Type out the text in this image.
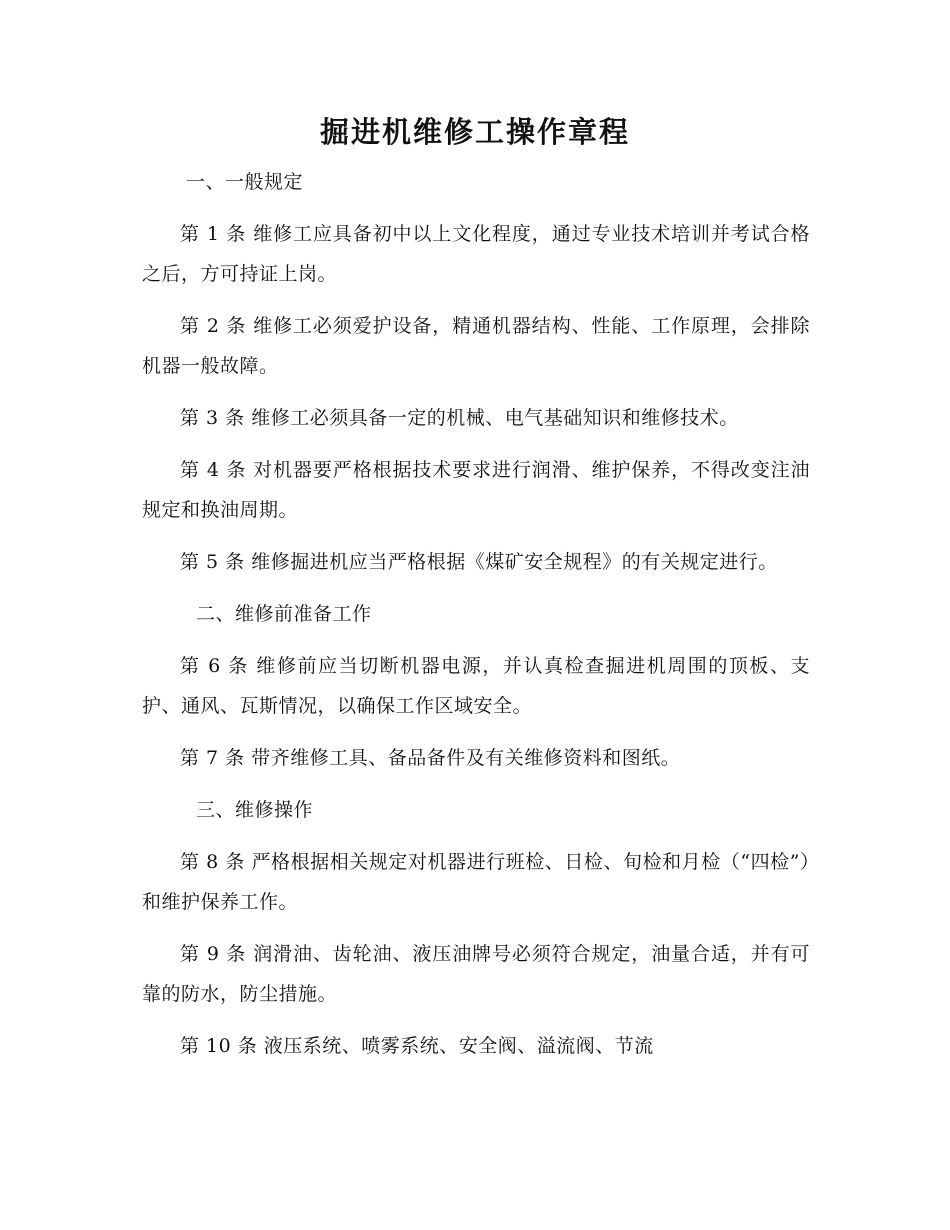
掘进机维修工操作章程

一、一般规定

第 1 条 维修工应具备初中以上文化程度，通过专业技术培训并考试合格之后，方可持证上岗。

第 2 条 维修工必须爱护设备，精通机器结构、性能、工作原理，会排除机器一般故障。

第 3 条 维修工必须具备一定的机械、电气基础知识和维修技术。

第 4 条 对机器要严格根据技术要求进行润滑、维护保养，不得改变注油规定和换油周期。

第 5 条 维修掘进机应当严格根据《煤矿安全规程》的有关规定进行。

二、维修前准备工作

第 6 条 维修前应当切断机器电源，并认真检查掘进机周围的顶板、支护、通风、瓦斯情况，以确保工作区域安全。

第 7 条 带齐维修工具、备品备件及有关维修资料和图纸。

三、维修操作

第 8 条 严格根据相关规定对机器进行班检、日检、旬检和月检（“四检”）和维护保养工作。

第 9 条 润滑油、齿轮油、液压油牌号必须符合规定，油量合适，并有可靠的防水，防尘措施。

第 10 条 液压系统、喷雾系统、安全阀、溢流阀、节流
